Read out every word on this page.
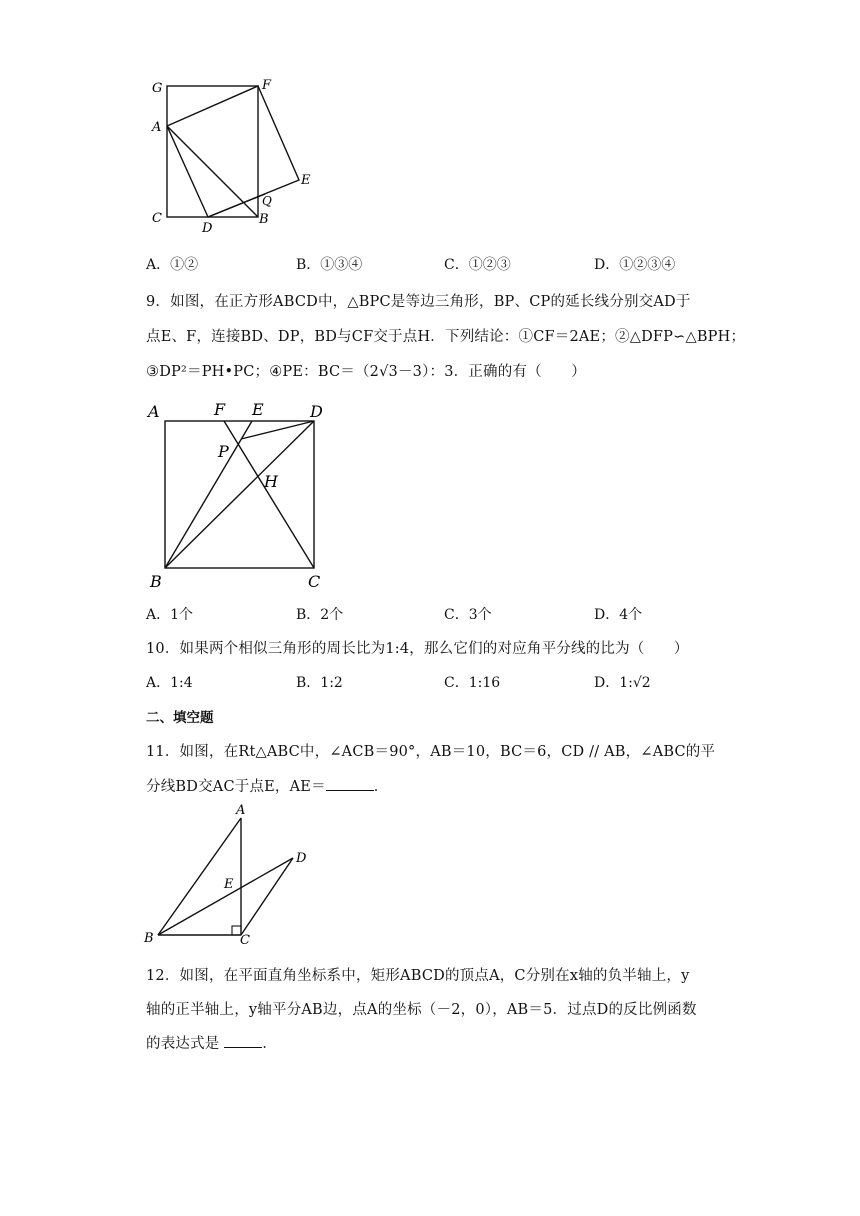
G	F
A
E
C
D
Q
B
A．①②	B．①③④	C．①②③	D．①②③④
9．如图，在正方形ABCD中，△BPC是等边三角形，BP、CP的延长线分别交AD于
点E、F，连接BD、DP，BD与CF交于点H．下列结论：①CF＝2AE；②△DFP∽△BPH；
③DP²＝PH•PC；④PE：BC＝（2√3－3）：3．正确的有（　　）
A	F E	D
P
H
B	C
A．1个	B．2个	C．3个	D．4个
10．如果两个相似三角形的周长比为1:4，那么它们的对应角平分线的比为（　　）
A．1:4	B．1:2	C．1:16	D．1:√2
二、填空题
11．如图，在Rt△ABC中，∠ACB＝90°，AB＝10，BC＝6，CD // AB，∠ABC的平
分线BD交AC于点E，AE＝	．
A
D
E
B	C
12．如图，在平面直角坐标系中，矩形ABCD的顶点A，C分别在x轴的负半轴上，y
轴的正半轴上，y轴平分AB边，点A的坐标（－2，0），AB＝5．过点D的反比例函数
的表达式是	．
